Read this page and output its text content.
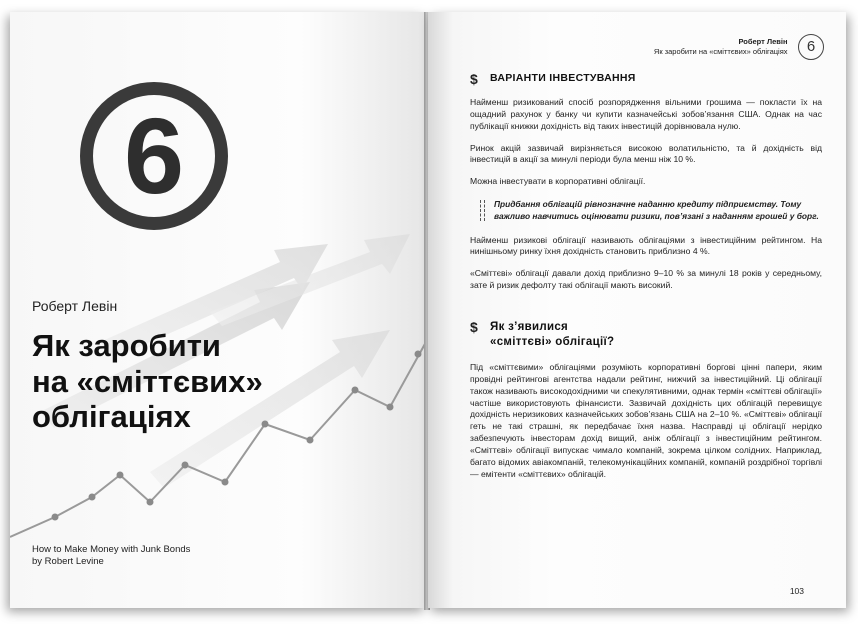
6
Роберт Левін
Як заробити
на «сміттєвих»
облігаціях
How to Make Money with Junk Bonds
by Robert Levine
Роберт Левін
Як заробити на «сміттєвих» облігаціях 6
$	ВАРІАНТИ ІНВЕСТУВАННЯ

Найменш ризикований спосіб розпорядження вільними грошима — покласти їх на ощадний рахунок у банку чи купити казначейські зобов’язання США. Однак на час публікації книжки дохідність від таких інвестицій дорівнювала нулю.

Ринок акцій зазвичай вирізняється високою волатильністю, та й дохідність від інвестицій в акції за минулі періоди була менш ніж 10 %.

Можна інвестувати в корпоративні облігації.

Придбання облігацій рівнозначне наданню кредиту підприємству. Тому важливо навчитись оцінювати ризики, пов’язані з наданням грошей у борг.

Найменш ризикові облігації називають облігаціями з інвестиційним рейтингом. На нинішньому ринку їхня дохідність становить приблизно 4 %.

«Сміттєві» облігації давали дохід приблизно 9–10 % за минулі 18 років у середньому, зате й ризик дефолту такі облігації мають високий.

$	Як з’явилися
«сміттєві» облігації?

Під «сміттєвими» облігаціями розуміють корпоративні боргові цінні папери, яким провідні рейтингові агентства надали рейтинг, нижчий за інвестиційний. Ці облігації також називають високодохідними чи спекулятивними, однак термін «сміттєві облігації» частіше використовують фінансисти. Зазвичай дохідність цих облігацій перевищує дохідність неризикових казначейських зобов’язань США на 2–10 %. «Сміттєві» облігації геть не такі страшні, як передбачає їхня назва. Насправді ці облігації нерідко забезпечують інвесторам дохід вищий, аніж облігації з інвестиційним рейтингом. «Сміттєві» облігації випускає чимало компаній, зокрема цілком солідних. Наприклад, багато відомих авіакомпаній, телекомунікаційних компаній, компаній роздрібної торгівлі — емітенти «сміттєвих» облігацій.

103
